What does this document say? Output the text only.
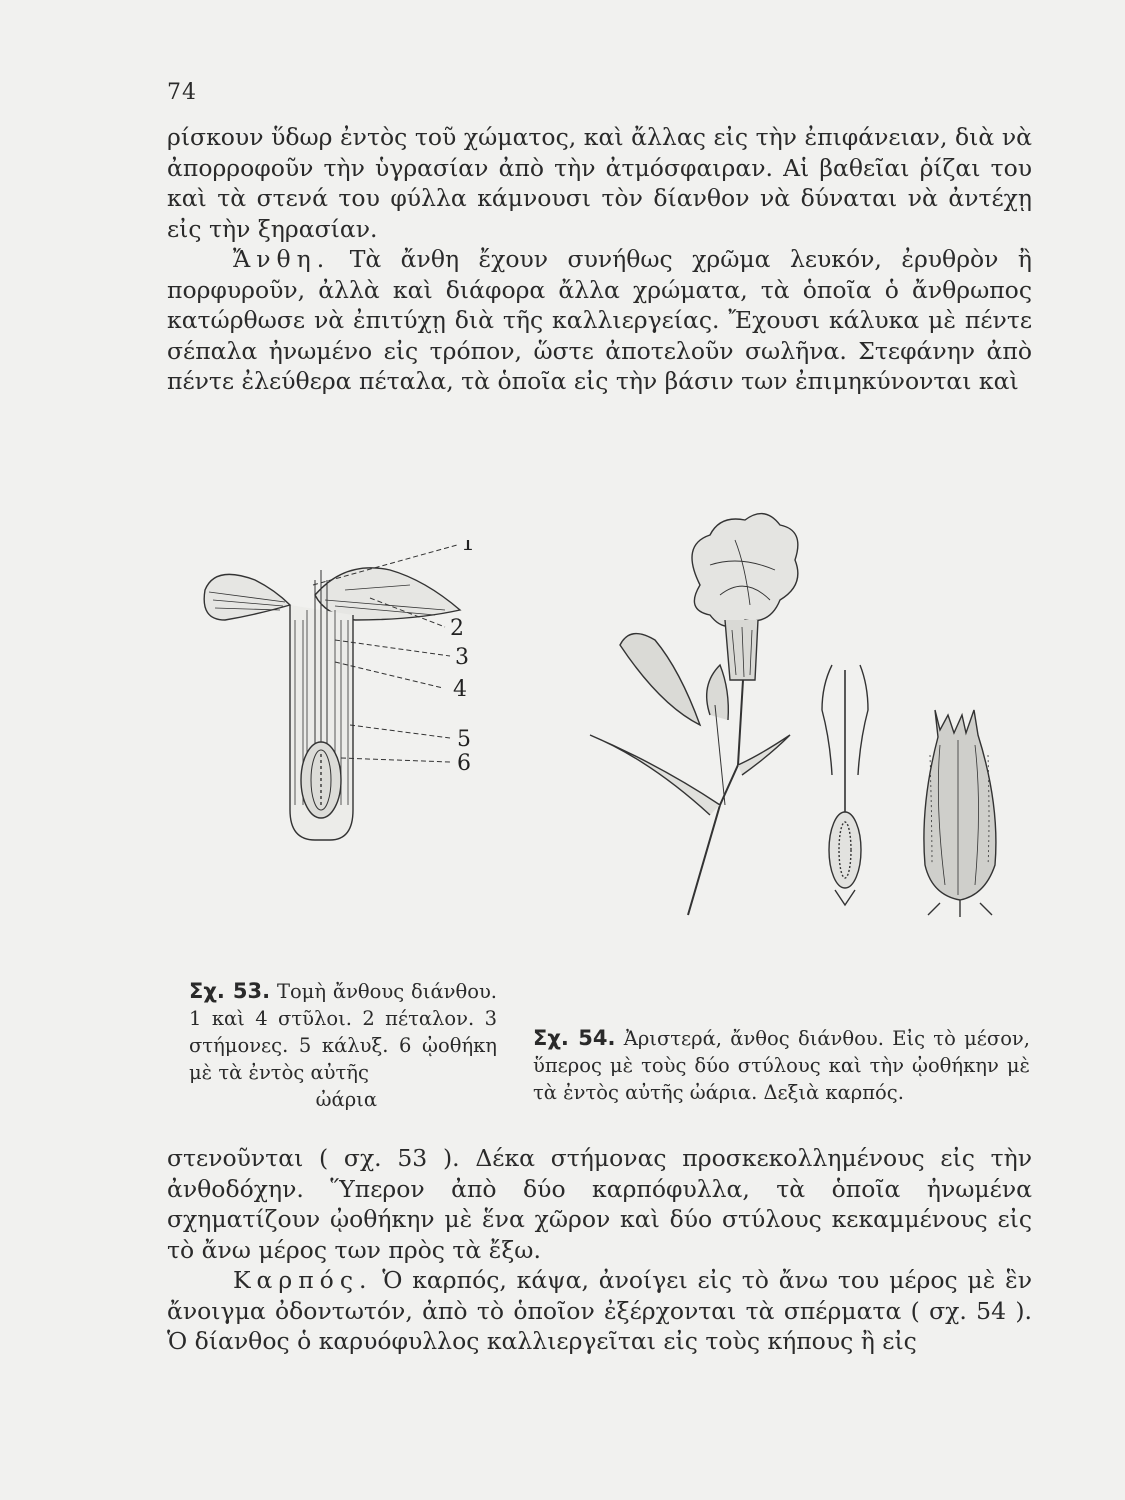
74

ρίσκουν ὕδωρ ἐντὸς τοῦ χώματος, καὶ ἄλλας εἰς τὴν ἐπιφάνειαν, διὰ νὰ ἀπορροφοῦν τὴν ὑγρασίαν ἀπὸ τὴν ἀτμόσφαιραν. Αἱ βαθεῖαι ῥίζαι του καὶ τὰ στενά του φύλλα κάμνουσι τὸν δίανθον νὰ δύναται νὰ ἀντέχῃ εἰς τὴν ξηρασίαν.
Ἄνθη. Τὰ ἄνθη ἔχουν συνήθως χρῶμα λευκόν, ἐρυθρὸν ἢ πορφυροῦν, ἀλλὰ καὶ διάφορα ἄλλα χρώματα, τὰ ὁποῖα ὁ ἄνθρωπος κατώρθωσε νὰ ἐπιτύχῃ διὰ τῆς καλλιεργείας. Ἔχουσι κάλυκα μὲ πέντε σέπαλα ἠνωμένο εἰς τρόπον, ὥστε ἀποτελοῦν σωλῆνα. Στεφάνην ἀπὸ πέντε ἐλεύθερα πέταλα, τὰ ὁποῖα εἰς τὴν βάσιν των ἐπιμηκύνονται καὶ

1
2
3
4
5
6

Σχ. 53. Τομὴ ἄνθους διάνθου. 1 καὶ 4 στῦλοι. 2 πέταλον. 3 στήμονες. 5 κάλυξ. 6 ᾠοθήκη μὲ τὰ ἐντὸς αὐτῆς
ὠάρια

Σχ. 54. Ἀριστερά, ἄνθος διάνθου. Εἰς τὸ μέσον, ὕπερος μὲ τοὺς δύο στύλους καὶ τὴν ᾠοθήκην μὲ τὰ ἐντὸς αὐτῆς ὠάρια. Δεξιὰ καρπός.

στενοῦνται ( σχ. 53 ). Δέκα στήμονας προσκεκολλημένους εἰς τὴν ἀνθοδόχην. Ὕπερον ἀπὸ δύο καρπόφυλλα, τὰ ὁποῖα ἠνωμένα σχηματίζουν ᾠοθήκην μὲ ἕνα χῶρον καὶ δύο στύλους κεκαμμένους εἰς τὸ ἄνω μέρος των πρὸς τὰ ἔξω.
Καρπός. Ὁ καρπός, κάψα, ἀνοίγει εἰς τὸ ἄνω του μέρος μὲ ἓν ἄνοιγμα ὀδοντωτόν, ἀπὸ τὸ ὁποῖον ἐξέρχονται τὰ σπέρματα ( σχ. 54 ). Ὁ δίανθος ὁ καρυόφυλλος καλλιεργεῖται εἰς τοὺς κήπους ἢ εἰς
